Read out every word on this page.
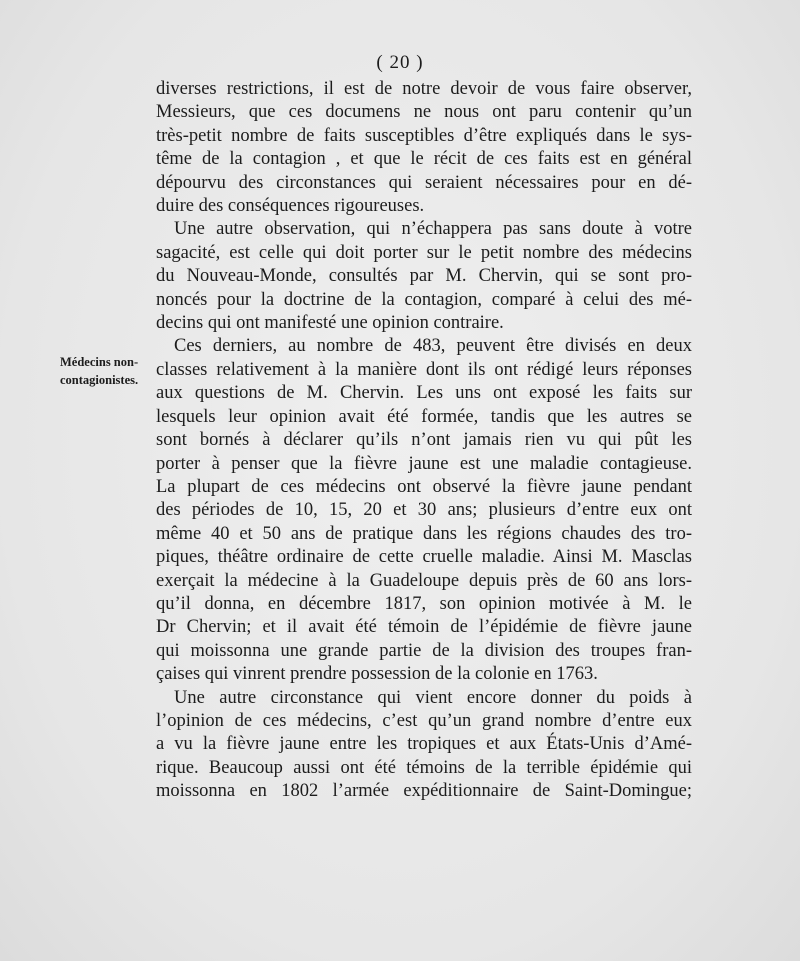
( 20 )
Médecins non-
contagionistes.
diverses restrictions, il est de notre devoir de vous faire observer,
Messieurs, que ces documens ne nous ont paru contenir qu’un
très-petit nombre de faits susceptibles d’être expliqués dans le sys-
tême de la contagion , et que le récit de ces faits est en général
dépourvu des circonstances qui seraient nécessaires pour en dé-
duire des conséquences rigoureuses.
Une autre observation, qui n’échappera pas sans doute à votre
sagacité, est celle qui doit porter sur le petit nombre des médecins
du Nouveau-Monde, consultés par M. Chervin, qui se sont pro-
noncés pour la doctrine de la contagion, comparé à celui des mé-
decins qui ont manifesté une opinion contraire.
Ces derniers, au nombre de 483, peuvent être divisés en deux
classes relativement à la manière dont ils ont rédigé leurs réponses
aux questions de M. Chervin. Les uns ont exposé les faits sur
lesquels leur opinion avait été formée, tandis que les autres se
sont bornés à déclarer qu’ils n’ont jamais rien vu qui pût les
porter à penser que la fièvre jaune est une maladie contagieuse.
La plupart de ces médecins ont observé la fièvre jaune pendant
des périodes de 10, 15, 20 et 30 ans; plusieurs d’entre eux ont
même 40 et 50 ans de pratique dans les régions chaudes des tro-
piques, théâtre ordinaire de cette cruelle maladie. Ainsi M. Masclas
exerçait la médecine à la Guadeloupe depuis près de 60 ans lors-
qu’il donna, en décembre 1817, son opinion motivée à M. le
Dr Chervin; et il avait été témoin de l’épidémie de fièvre jaune
qui moissonna une grande partie de la division des troupes fran-
çaises qui vinrent prendre possession de la colonie en 1763.
Une autre circonstance qui vient encore donner du poids à
l’opinion de ces médecins, c’est qu’un grand nombre d’entre eux
a vu la fièvre jaune entre les tropiques et aux États-Unis d’Amé-
rique. Beaucoup aussi ont été témoins de la terrible épidémie qui
moissonna en 1802 l’armée expéditionnaire de Saint-Domingue;
